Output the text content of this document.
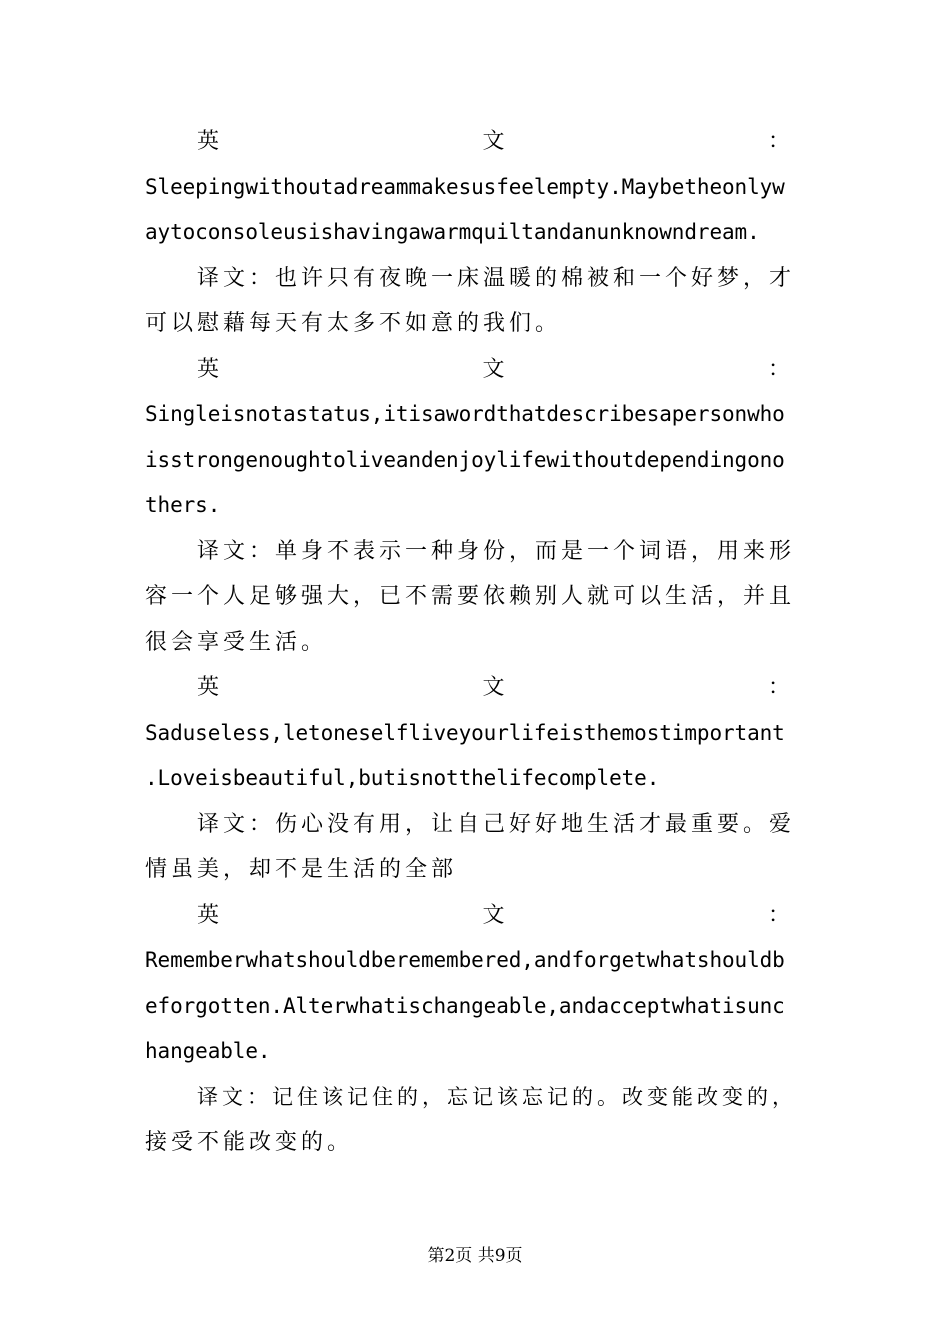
英	文	：
Sleepingwithoutadreammakesusfeelempty.Maybetheonlyw
aytoconsoleusishavingawarmquiltandanunknowndream.
译文：也许只有夜晚一床温暖的棉被和一个好梦，才
可以慰藉每天有太多不如意的我们。
英	文	：
Singleisnotastatus,itisawordthatdescribesapersonwho
isstrongenoughtoliveandenjoylifewithoutdependingono
thers.
译文：单身不表示一种身份，而是一个词语，用来形
容一个人足够强大，已不需要依赖别人就可以生活，并且
很会享受生活。
英	文	：
Saduseless,letoneselfliveyourlifeisthemostimportant
.Loveisbeautiful,butisnotthelifecomplete.
译文：伤心没有用，让自己好好地生活才最重要。爱
情虽美，却不是生活的全部
英	文	：
Rememberwhatshouldberemembered,andforgetwhatshouldb
eforgotten.Alterwhatischangeable,andacceptwhatisunc
hangeable.
译文：记住该记住的，忘记该忘记的。改变能改变的，
接受不能改变的。
第2页 共9页
